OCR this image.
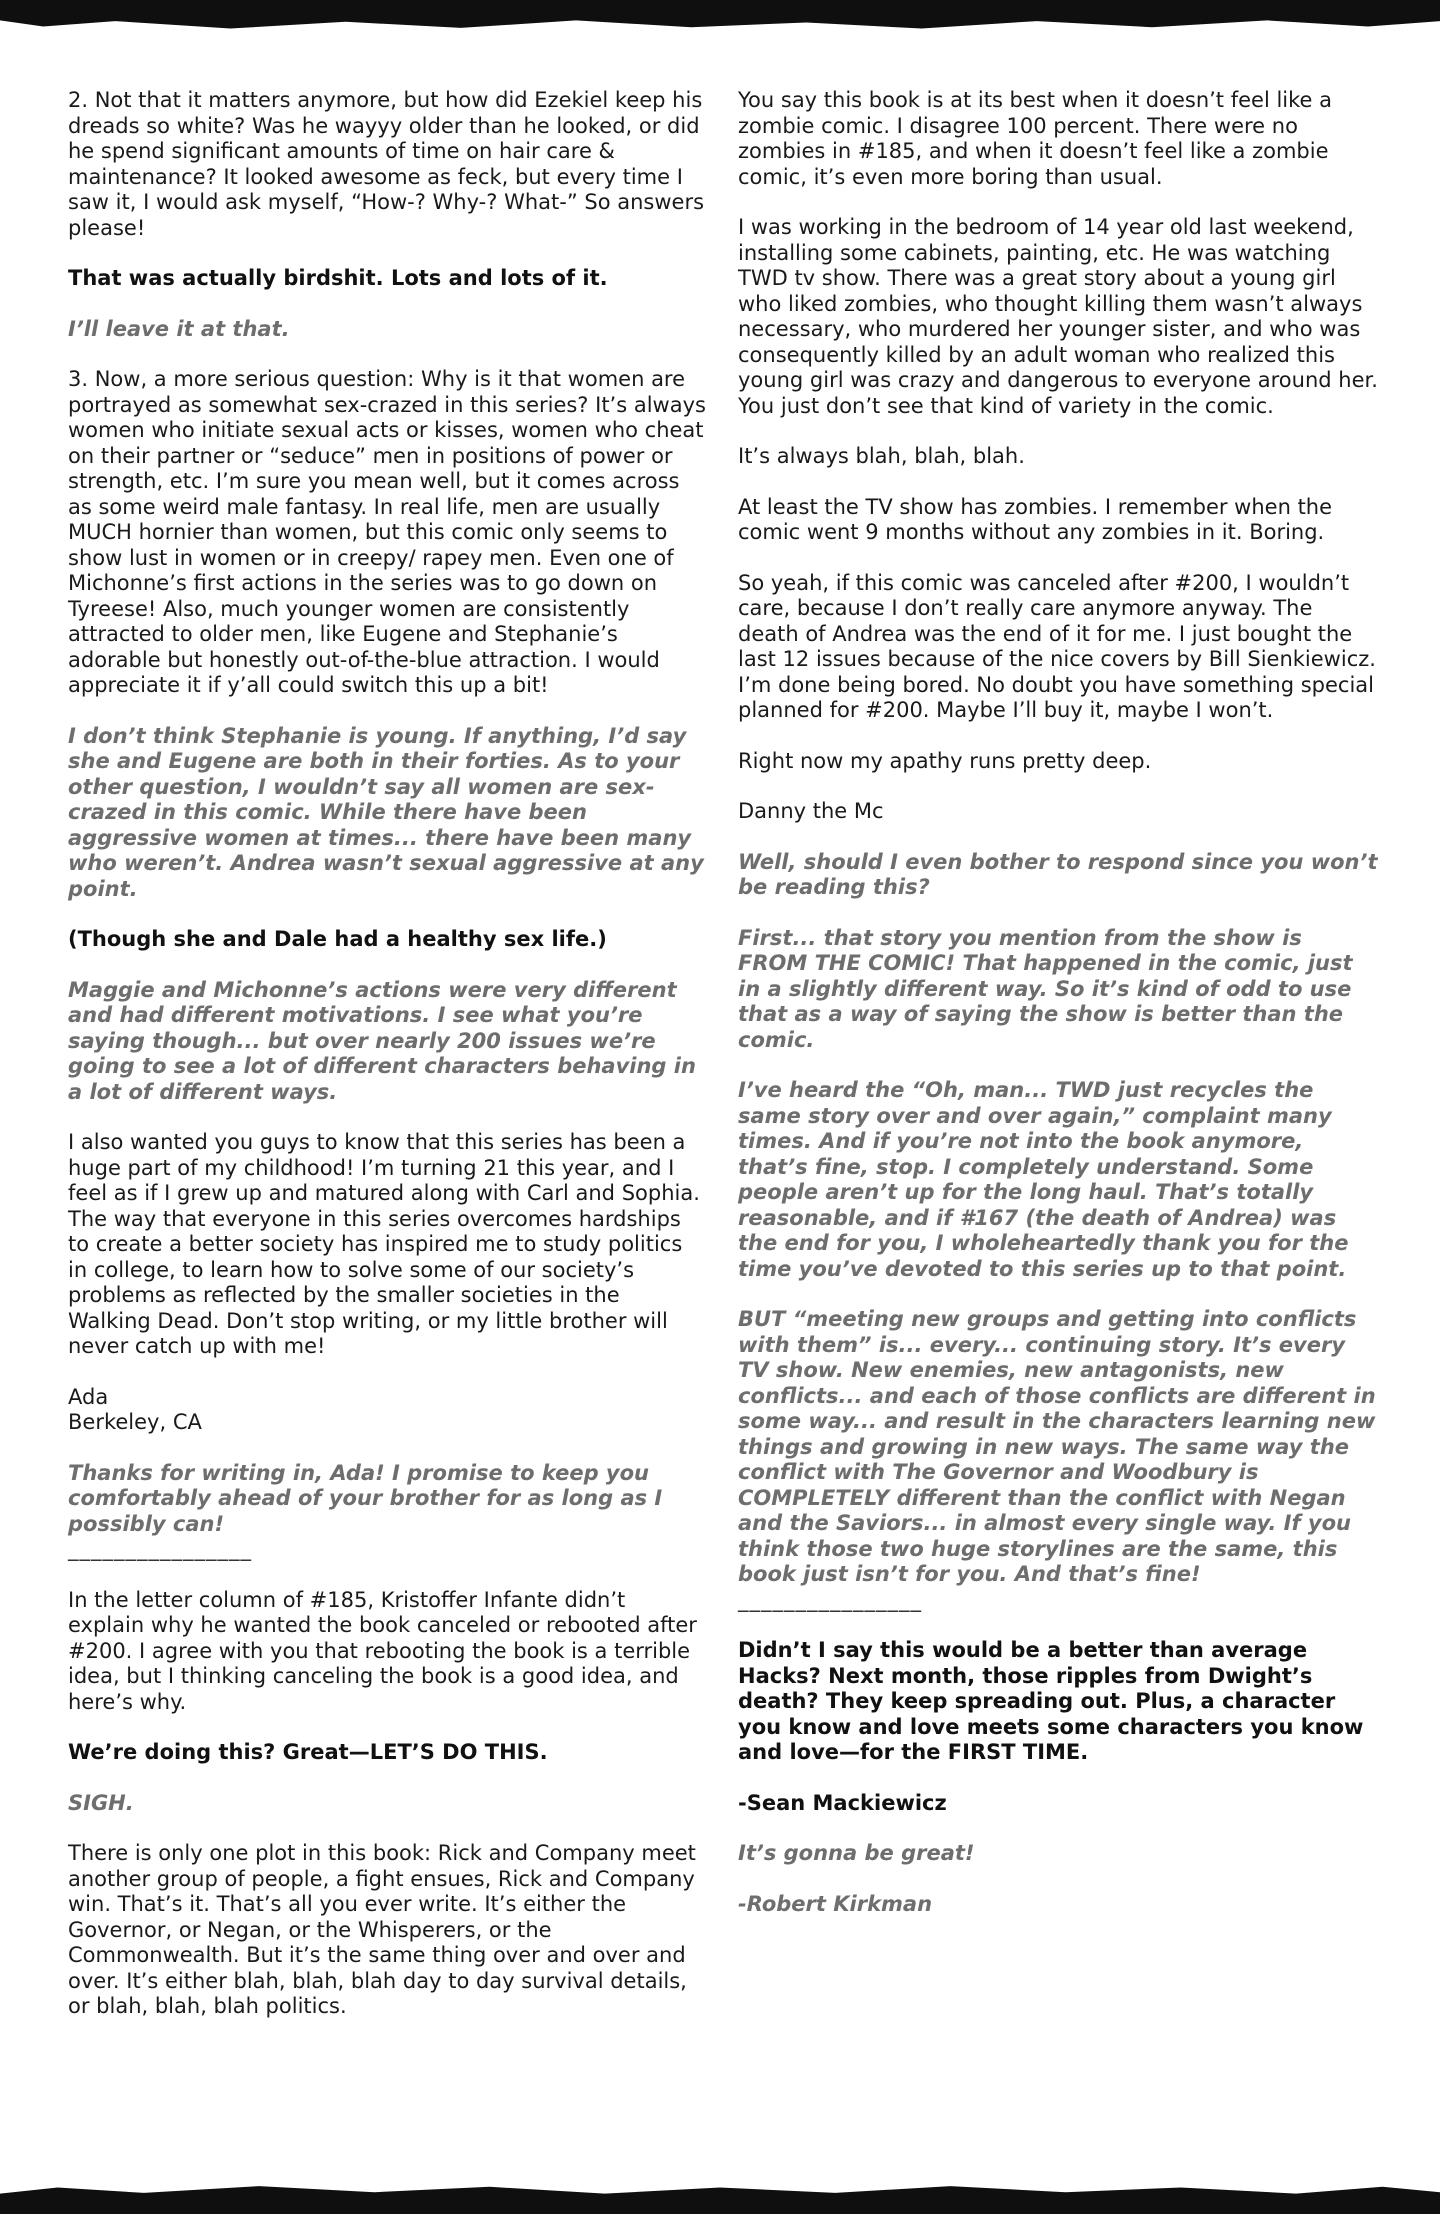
2. Not that it matters anymore, but how did Ezekiel keep his dreads so white? Was he wayyy older than he looked, or did he spend significant amounts of time on hair care & maintenance? It looked awesome as feck, but every time I saw it, I would ask myself, “How-? Why-? What-” So answers please!

That was actually birdshit. Lots and lots of it.

I’ll leave it at that.

3. Now, a more serious question: Why is it that women are portrayed as somewhat sex-crazed in this series? It’s always women who initiate sexual acts or kisses, women who cheat on their partner or “seduce” men in positions of power or strength, etc. I’m sure you mean well, but it comes across as some weird male fantasy. In real life, men are usually MUCH hornier than women, but this comic only seems to show lust in women or in creepy/ rapey men. Even one of Michonne’s first actions in the series was to go down on Tyreese! Also, much younger women are consistently attracted to older men, like Eugene and Stephanie’s adorable but honestly out-of-the-blue attraction. I would appreciate it if y’all could switch this up a bit!

I don’t think Stephanie is young. If anything, I’d say she and Eugene are both in their forties. As to your other question, I wouldn’t say all women are sex-crazed in this comic. While there have been aggressive women at times... there have been many who weren’t. Andrea wasn’t sexual aggressive at any point.

(Though she and Dale had a healthy sex life.)

Maggie and Michonne’s actions were very different and had different motivations. I see what you’re saying though... but over nearly 200 issues we’re going to see a lot of different characters behaving in a lot of different ways.

I also wanted you guys to know that this series has been a huge part of my childhood! I’m turning 21 this year, and I feel as if I grew up and matured along with Carl and Sophia. The way that everyone in this series overcomes hardships to create a better society has inspired me to study politics in college, to learn how to solve some of our society’s problems as reflected by the smaller societies in the Walking Dead. Don’t stop writing, or my little brother will never catch up with me!

Ada

Berkeley, CA

Thanks for writing in, Ada! I promise to keep you comfortably ahead of your brother for as long as I possibly can!

________________

In the letter column of #185, Kristoffer Infante didn’t explain why he wanted the book canceled or rebooted after #200. I agree with you that rebooting the book is a terrible idea, but I thinking canceling the book is a good idea, and here’s why.

We’re doing this? Great—LET’S DO THIS.

SIGH.

There is only one plot in this book: Rick and Company meet another group of people, a fight ensues, Rick and Company win. That’s it. That’s all you ever write. It’s either the Governor, or Negan, or the Whisperers, or the Commonwealth. But it’s the same thing over and over and over. It’s either blah, blah, blah day to day survival details, or blah, blah, blah politics.

You say this book is at its best when it doesn’t feel like a zombie comic. I disagree 100 percent. There were no zombies in #185, and when it doesn’t feel like a zombie comic, it’s even more boring than usual.

I was working in the bedroom of 14 year old last weekend, installing some cabinets, painting, etc. He was watching TWD tv show. There was a great story about a young girl who liked zombies, who thought killing them wasn’t always necessary, who murdered her younger sister, and who was consequently killed by an adult woman who realized this young girl was crazy and dangerous to everyone around her. You just don’t see that kind of variety in the comic.

It’s always blah, blah, blah.

At least the TV show has zombies. I remember when the comic went 9 months without any zombies in it. Boring.

So yeah, if this comic was canceled after #200, I wouldn’t care, because I don’t really care anymore anyway. The death of Andrea was the end of it for me. I just bought the last 12 issues because of the nice covers by Bill Sienkiewicz. I’m done being bored. No doubt you have something special planned for #200. Maybe I’ll buy it, maybe I won’t.

Right now my apathy runs pretty deep.

Danny the Mc

Well, should I even bother to respond since you won’t be reading this?

First... that story you mention from the show is FROM THE COMIC! That happened in the comic, just in a slightly different way. So it’s kind of odd to use that as a way of saying the show is better than the comic.

I’ve heard the “Oh, man... TWD just recycles the same story over and over again,” complaint many times. And if you’re not into the book anymore, that’s fine, stop. I completely understand. Some people aren’t up for the long haul. That’s totally reasonable, and if #167 (the death of Andrea) was the end for you, I wholeheartedly thank you for the time you’ve devoted to this series up to that point.

BUT “meeting new groups and getting into conflicts with them” is... every... continuing story. It’s every TV show. New enemies, new antagonists, new conflicts... and each of those conflicts are different in some way... and result in the characters learning new things and growing in new ways. The same way the conflict with The Governor and Woodbury is COMPLETELY different than the conflict with Negan and the Saviors... in almost every single way. If you think those two huge storylines are the same, this book just isn’t for you. And that’s fine!

________________

Didn’t I say this would be a better than average Hacks? Next month, those ripples from Dwight’s death? They keep spreading out. Plus, a character you know and love meets some characters you know and love—for the FIRST TIME.

-Sean Mackiewicz

It’s gonna be great!

-Robert Kirkman
